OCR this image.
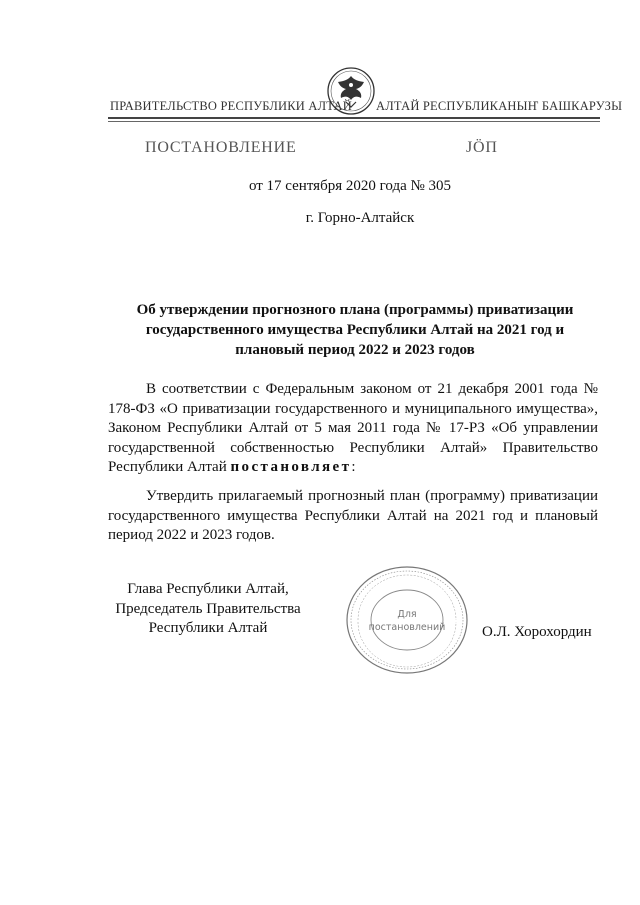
ПРАВИТЕЛЬСТВО РЕСПУБЛИКИ АЛТАЙ АЛТАЙ РЕСПУБЛИКАНЫҤ БАШКАРУЗЫ
ПОСТАНОВЛЕНИЕ	ЈӦП
от 17 сентября 2020 года № 305
г. Горно-Алтайск
Об утверждении прогнозного плана (программы) приватизации
государственного имущества Республики Алтай на 2021 год и
плановый период 2022 и 2023 годов
В соответствии с Федеральным законом от 21 декабря 2001 года № 178-ФЗ «О приватизации государственного и муниципального имущества», Законом Республики Алтай от 5 мая 2011 года № 17-РЗ «Об управлении государственной собственностью Республики Алтай» Правительство Республики Алтай постановляет:
Утвердить прилагаемый прогнозный план (программу) приватизации государственного имущества Республики Алтай на 2021 год и плановый период 2022 и 2023 годов.
Глава Республики Алтай,
Председатель Правительства
Республики Алтай
Для
постановлений О.Л. Хорохордин
